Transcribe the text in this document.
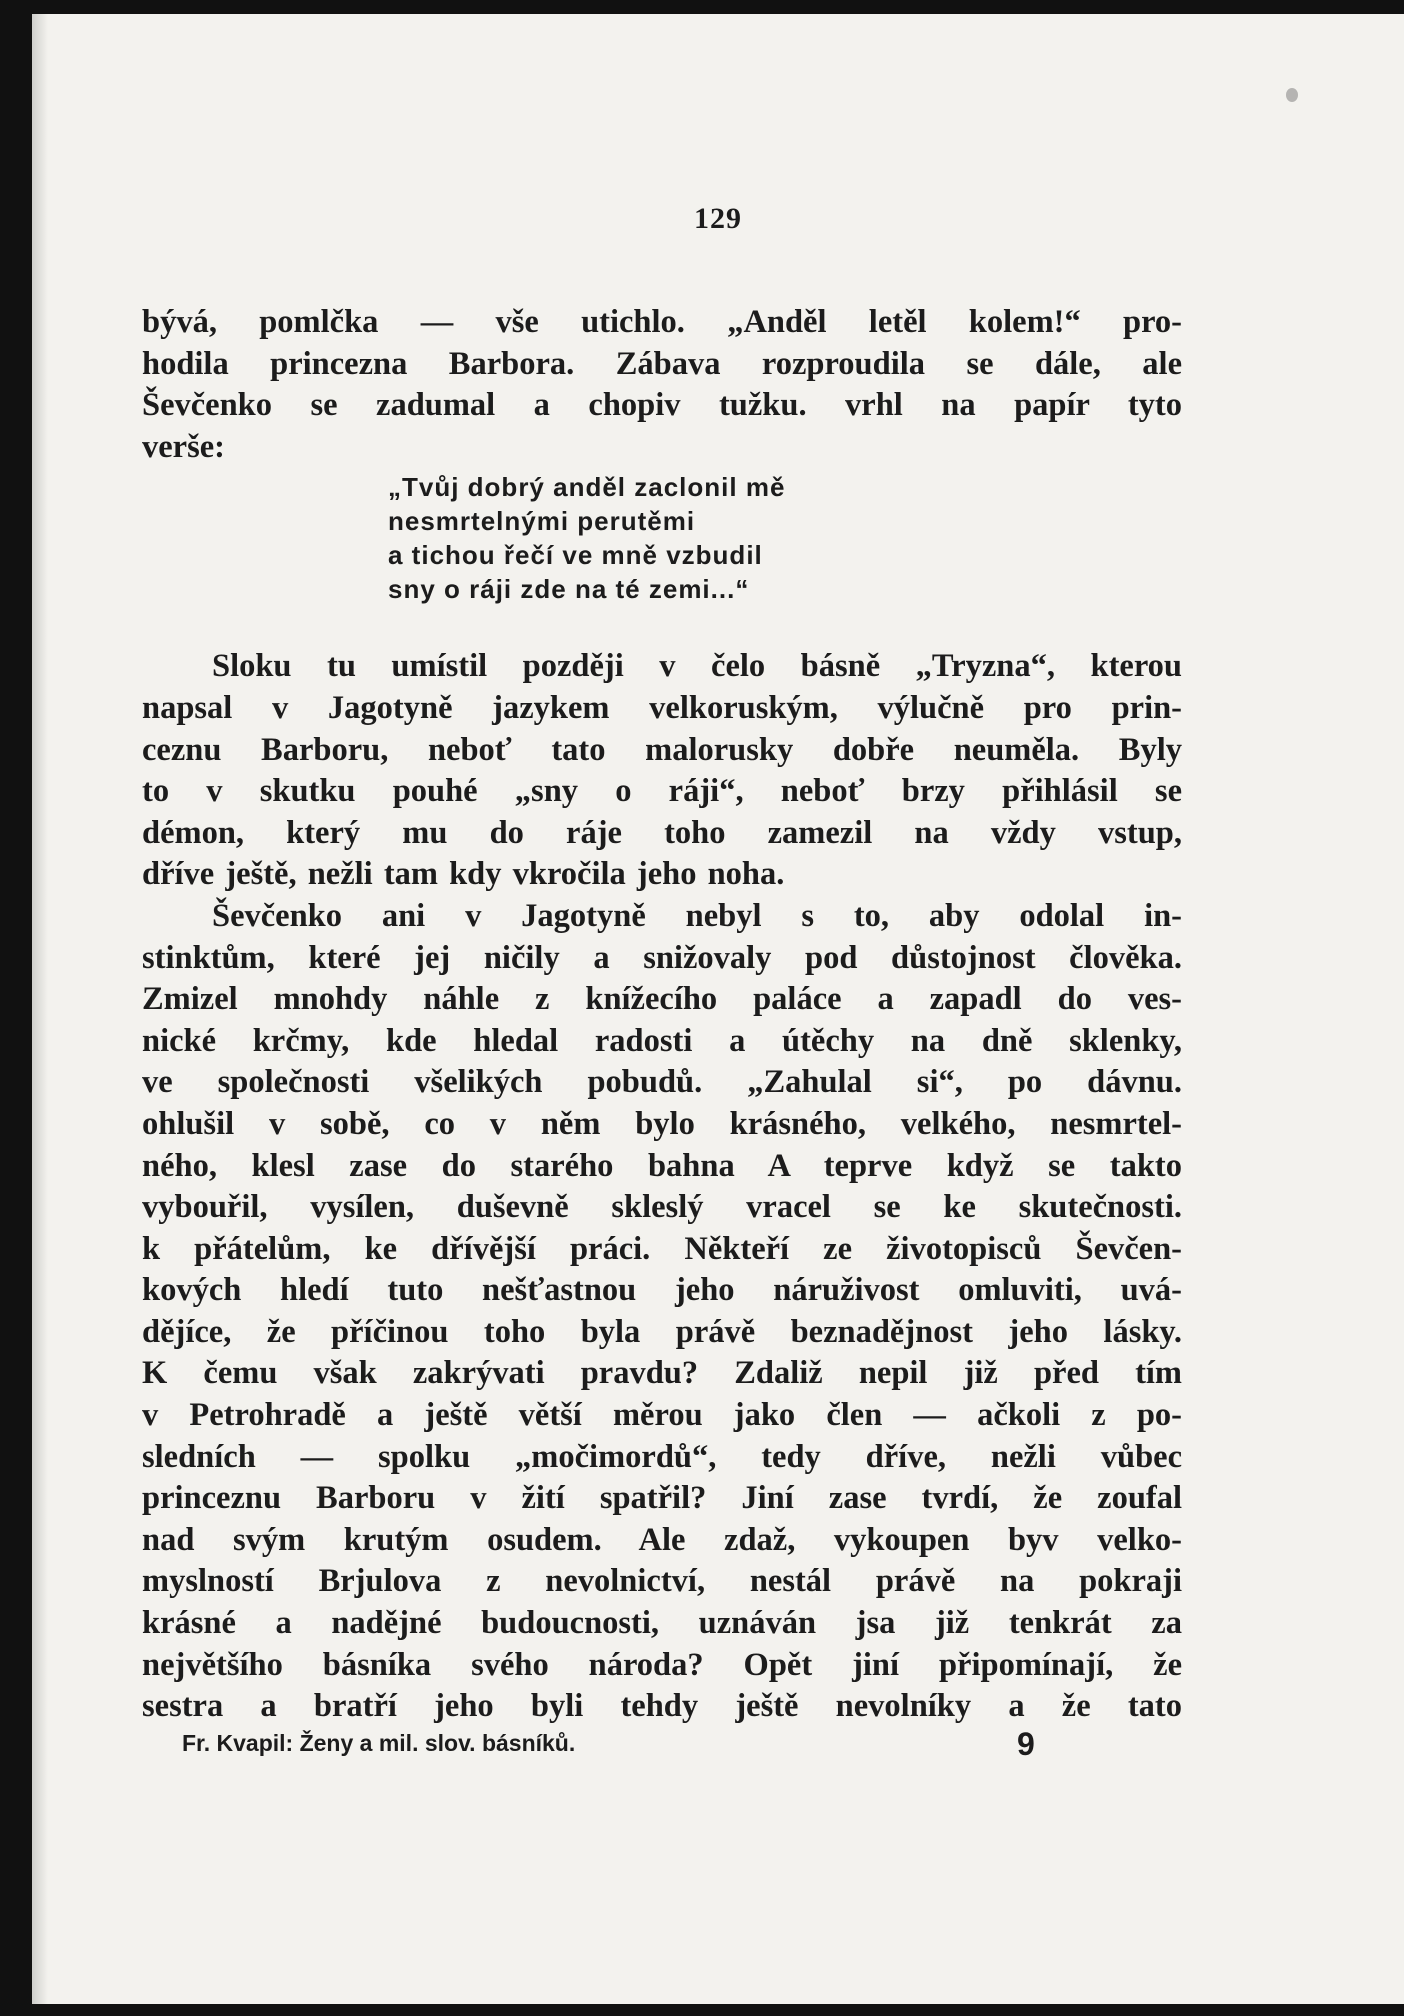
129
bývá, pomlčka — vše utichlo. „Anděl letěl kolem!“ pro-
hodila princezna Barbora. Zábava rozproudila se dále, ale
Ševčenko se zadumal a chopiv tužku. vrhl na papír tyto
verše:
„Tvůj dobrý anděl zaclonil mě
nesmrtelnými perutěmi
a tichou řečí ve mně vzbudil
sny o ráji zde na té zemi...“
Sloku tu umístil později v čelo básně „Tryzna“, kterou
napsal v Jagotyně jazykem velkoruským, výlučně pro prin-
ceznu Barboru, neboť tato malorusky dobře neuměla. Byly
to v skutku pouhé „sny o ráji“, neboť brzy přihlásil se
démon, který mu do ráje toho zamezil na vždy vstup,
dříve ještě, nežli tam kdy vkročila jeho noha.
Ševčenko ani v Jagotyně nebyl s to, aby odolal in-
stinktům, které jej ničily a snižovaly pod důstojnost člověka.
Zmizel mnohdy náhle z knížecího paláce a zapadl do ves-
nické krčmy, kde hledal radosti a útěchy na dně sklenky,
ve společnosti všelikých pobudů. „Zahulal si“, po dávnu.
ohlušil v sobě, co v něm bylo krásného, velkého, nesmrtel-
ného, klesl zase do starého bahna A teprve když se takto
vybouřil, vysílen, duševně skleslý vracel se ke skutečnosti.
k přátelům, ke dřívější práci. Někteří ze životopisců Ševčen-
kových hledí tuto nešťastnou jeho náruživost omluviti, uvá-
dějíce, že příčinou toho byla právě beznadějnost jeho lásky.
K čemu však zakrývati pravdu? Zdaliž nepil již před tím
v Petrohradě a ještě větší měrou jako člen — ačkoli z po-
sledních — spolku „močimordů“, tedy dříve, nežli vůbec
princeznu Barboru v žití spatřil? Jiní zase tvrdí, že zoufal
nad svým krutým osudem. Ale zdaž, vykoupen byv velko-
myslností Brjulova z nevolnictví, nestál právě na pokraji
krásné a nadějné budoucnosti, uznáván jsa již tenkrát za
největšího básníka svého národa? Opět jiní připomínají, že
sestra a bratří jeho byli tehdy ještě nevolníky a že tato
Fr. Kvapil: Ženy a mil. slov. básníků.	9
